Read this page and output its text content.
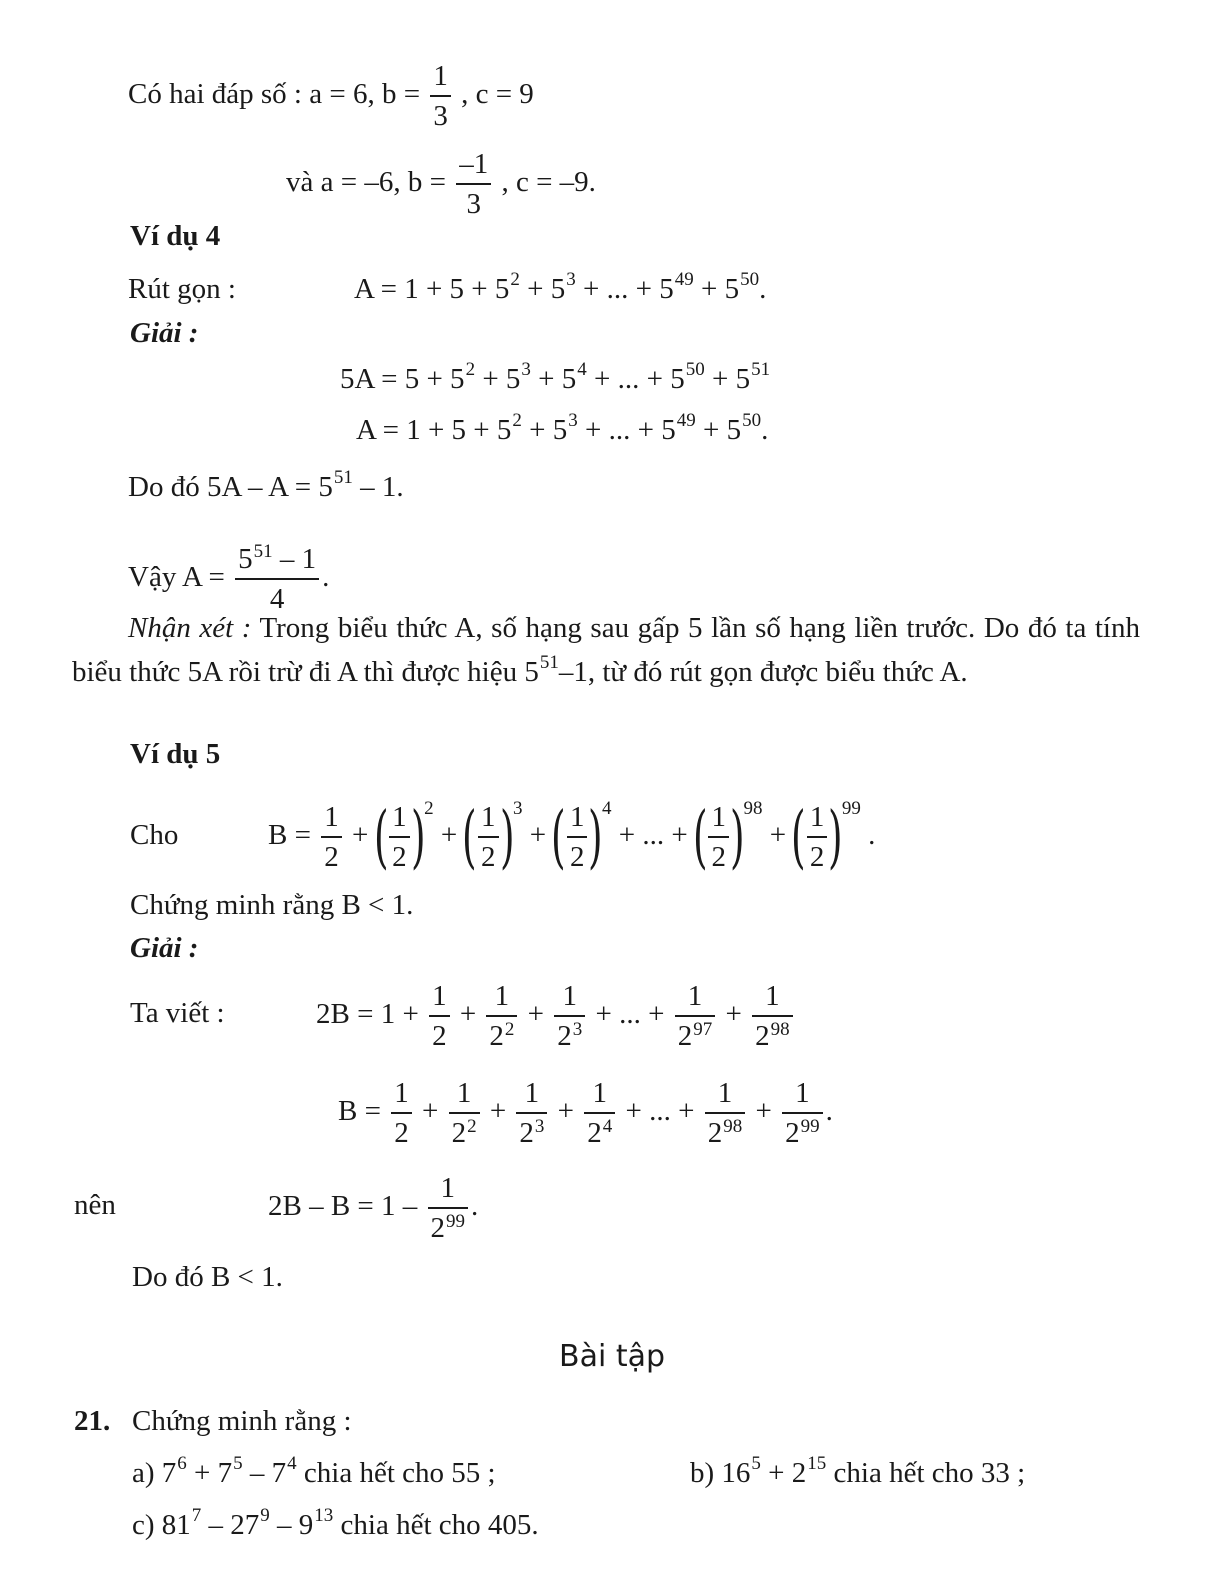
Có hai đáp số : a = 6, $b = \frac{1}{3}$ , c = 9
và a = –6, $b = \frac{-1}{3}$ , c = –9.
Ví dụ 4
Rút gọn :	$A = 1 + 5 + 5^2 + 5^3$ + ... + $5^{49} + 5^{50}$.
Giải :
$5A = 5 + 5^2 + 5^3 + 5^4$ + ... + $5^{50} + 5^{51}$
$A = 1 + 5 + 5^2 + 5^3$ + ... + $5^{49} + 5^{50}$.
Do đó $5A - A = 5^{51} - 1$.
Vậy $A = \frac{5^{51} - 1}{4}$ .
Nhận xét : Trong biểu thức A, số hạng sau gấp 5 lần số hạng liền trước. Do đó ta tính biểu thức 5A rồi trừ đi A thì được hiệu $5^{51}-1$, từ đó rút gọn được biểu thức A.
Ví dụ 5
Cho	$B = \frac{1}{2}$ + ( $\frac{1}{2} )^2$ + ( $\frac{1}{2} )^3$ + ( $\frac{1}{2} )^4$ + ... + ( $\frac{1}{2} )^{98}$ + ( $\frac{1}{2} )^{99}$ .
Chứng minh rằng B < 1.
Giải :
Ta viết :	$2B = 1 + \frac{1}{2} + \frac{1}{2^2} + \frac{1}{2^3}$ + ... + $\frac{1}{2^{97}} + \frac{1}{2^{98}}$
$B = \frac{1}{2} + \frac{1}{2^2} + \frac{1}{2^3} + \frac{1}{2^4}$ + ... + $\frac{1}{2^{98}} + \frac{1}{2^{99}}$ .
nên	$2B - B = 1 - \frac{1}{2^{99}}$ .
Do đó B < 1.
Bài tập
21. Chứng minh rằng :
a) $7^6 + 7^5 - 7^4$ chia hết cho 55 ;	b) $16^5 + 2^{15}$ chia hết cho 33 ;
c) $81^7 - 27^9 - 9^{13}$ chia hết cho 405.
